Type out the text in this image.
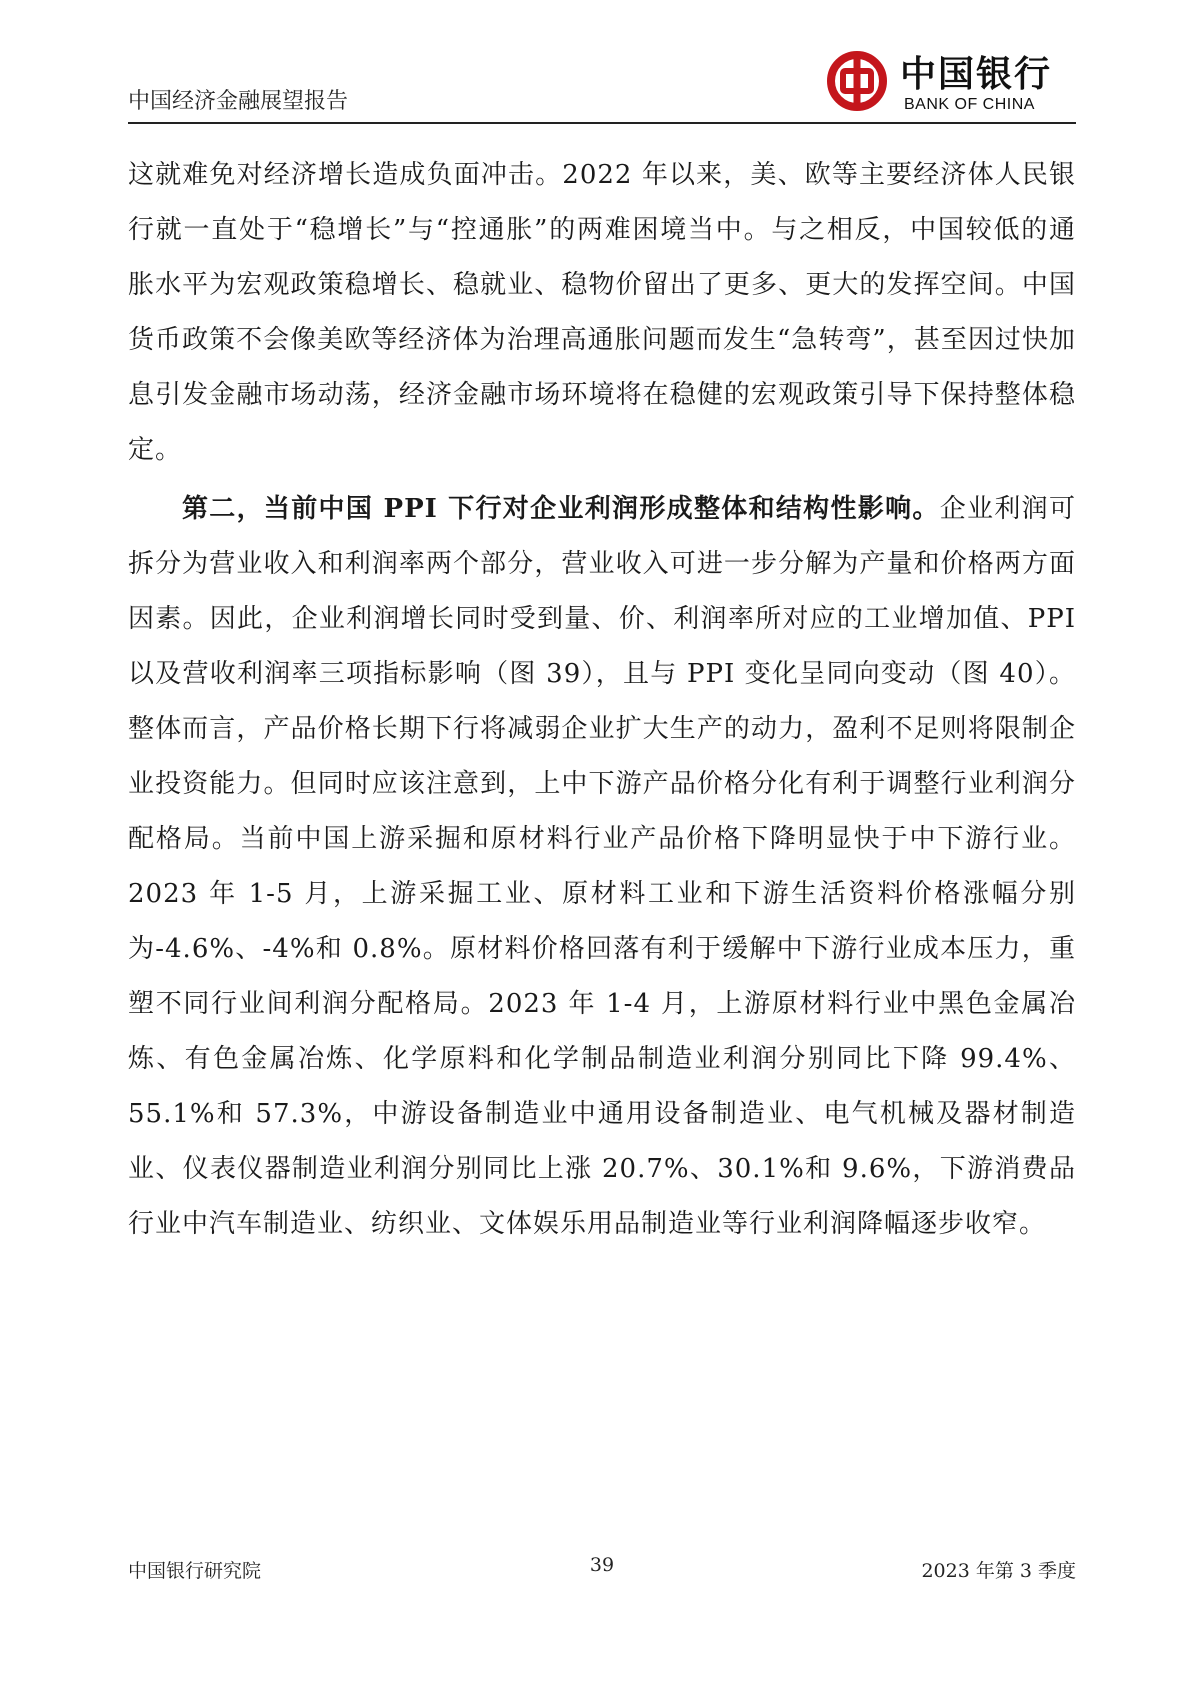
中国经济金融展望报告
中国银行
BANK OF CHINA

这就难免对经济增长造成负面冲击。2022 年以来，美、欧等主要经济体人民银行就一直处于“稳增长”与“控通胀”的两难困境当中。与之相反，中国较低的通胀水平为宏观政策稳增长、稳就业、稳物价留出了更多、更大的发挥空间。中国货币政策不会像美欧等经济体为治理高通胀问题而发生“急转弯”，甚至因过快加息引发金融市场动荡，经济金融市场环境将在稳健的宏观政策引导下保持整体稳定。

第二，当前中国 PPI 下行对企业利润形成整体和结构性影响。企业利润可拆分为营业收入和利润率两个部分，营业收入可进一步分解为产量和价格两方面因素。因此，企业利润增长同时受到量、价、利润率所对应的工业增加值、PPI 以及营收利润率三项指标影响（图 39），且与 PPI 变化呈同向变动（图 40）。整体而言，产品价格长期下行将减弱企业扩大生产的动力，盈利不足则将限制企业投资能力。但同时应该注意到，上中下游产品价格分化有利于调整行业利润分配格局。当前中国上游采掘和原材料行业产品价格下降明显快于中下游行业。2023 年 1-5 月，上游采掘工业、原材料工业和下游生活资料价格涨幅分别为-4.6%、-4%和 0.8%。原材料价格回落有利于缓解中下游行业成本压力，重塑不同行业间利润分配格局。2023 年 1-4 月，上游原材料行业中黑色金属冶炼、有色金属冶炼、化学原料和化学制品制造业利润分别同比下降 99.4%、55.1%和 57.3%，中游设备制造业中通用设备制造业、电气机械及器材制造业、仪表仪器制造业利润分别同比上涨 20.7%、30.1%和 9.6%，下游消费品行业中汽车制造业、纺织业、文体娱乐用品制造业等行业利润降幅逐步收窄。

中国银行研究院	39	2023 年第 3 季度
